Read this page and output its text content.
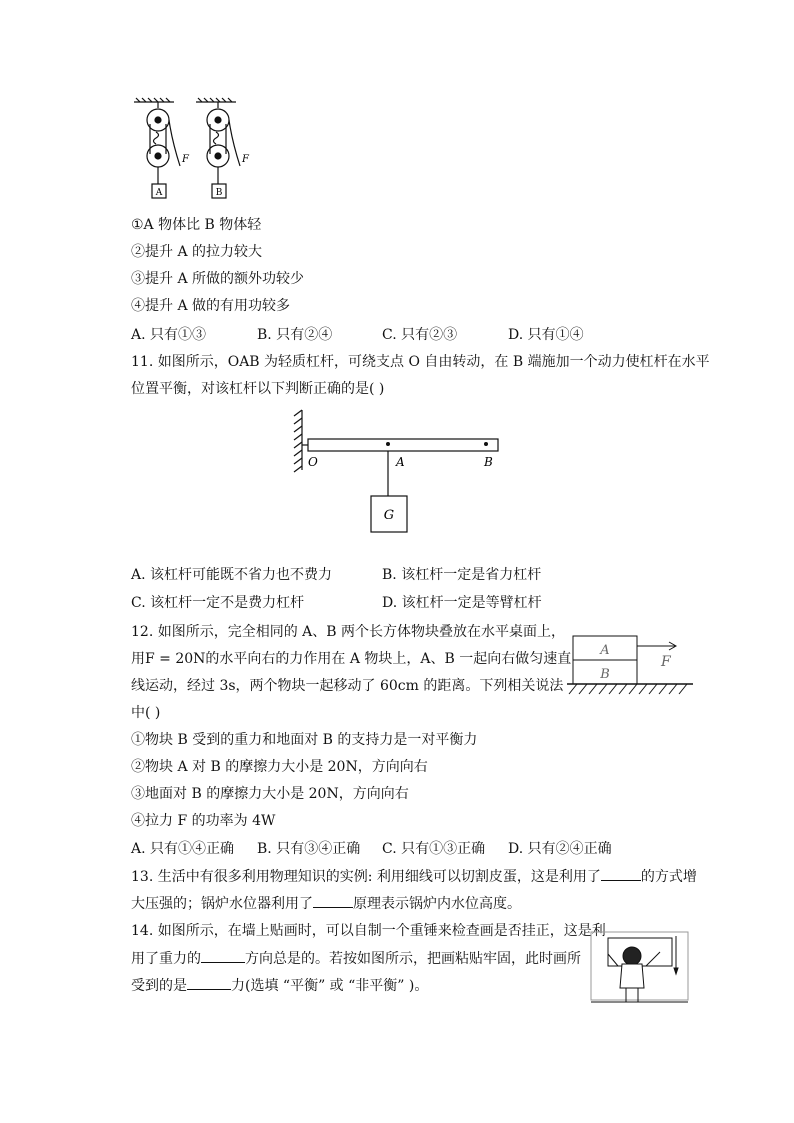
A	B
F	F
①A 物体比 B 物体轻
②提升 A 的拉力较大
③提升 A 所做的额外功较少
④提升 A 做的有用功较多
A. 只有①③	B. 只有②④	C. 只有②③	D. 只有①④
11. 如图所示，OAB 为轻质杠杆，可绕支点 O 自由转动，在 B 端施加一个动力使杠杆在水平
位置平衡，对该杠杆以下判断正确的是( )
O	A	B
G
A. 该杠杆可能既不省力也不费力	B. 该杠杆一定是省力杠杆
C. 该杠杆一定不是费力杠杆	D. 该杠杆一定是等臂杠杆
12. 如图所示，完全相同的 A、B 两个长方体物块叠放在水平桌面上，
用F = 20N的水平向右的力作用在 A 物块上，A、B 一起向右做匀速直
线运动，经过 3s，两个物块一起移动了 60cm 的距离。下列相关说法
中( )
A
B
F
①物块 B 受到的重力和地面对 B 的支持力是一对平衡力
②物块 A 对 B 的摩擦力大小是 20N，方向向右
③地面对 B 的摩擦力大小是 20N，方向向右
④拉力 F 的功率为 4W
A. 只有①④正确 B. 只有③④正确 C. 只有①③正确 D. 只有②④正确
13. 生活中有很多利用物理知识的实例: 利用细线可以切割皮蛋，这是利用了	的方式增
大压强的；锅炉水位器利用了	原理表示锅炉内水位高度。
14. 如图所示，在墙上贴画时，可以自制一个重锤来检查画是否挂正，这是利
用了重力的	方向总是的。若按如图所示，把画粘贴牢固，此时画所
受到的是	力(选填 “平衡” 或 “非平衡” )。
